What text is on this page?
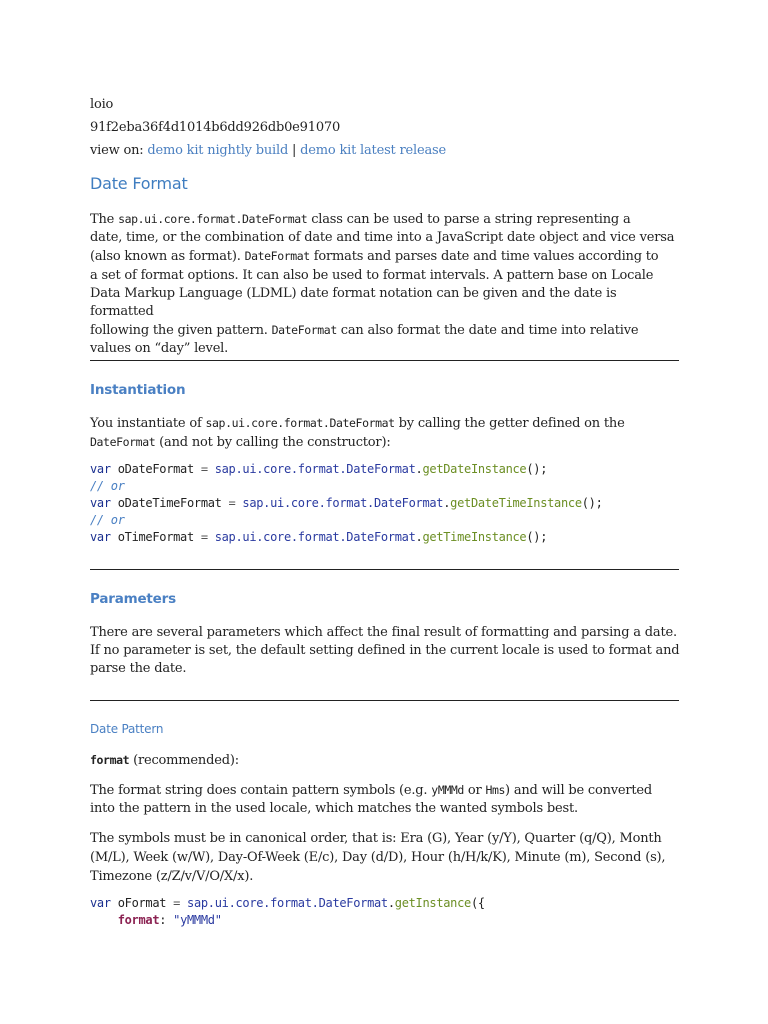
loio
91f2eba36f4d1014b6dd926db0e91070
view on: demo kit nightly build | demo kit latest release
Date Format
The sap.ui.core.format.DateFormat class can be used to parse a string representing a
date, time, or the combination of date and time into a JavaScript date object and vice versa
(also known as format). DateFormat formats and parses date and time values according to
a set of format options. It can also be used to format intervals. A pattern base on Locale
Data Markup Language (LDML) date format notation can be given and the date is formatted
following the given pattern. DateFormat can also format the date and time into relative
values on “day” level.
Instantiation
You instantiate of sap.ui.core.format.DateFormat by calling the getter defined on the
DateFormat (and not by calling the constructor):
var oDateFormat = sap.ui.core.format.DateFormat.getDateInstance();
// or
var oDateTimeFormat = sap.ui.core.format.DateFormat.getDateTimeInstance();
// or
var oTimeFormat = sap.ui.core.format.DateFormat.getTimeInstance();
Parameters
There are several parameters which affect the final result of formatting and parsing a date.
If no parameter is set, the default setting defined in the current locale is used to format and
parse the date.
Date Pattern
format (recommended):
The format string does contain pattern symbols (e.g. yMMMd or Hms) and will be converted
into the pattern in the used locale, which matches the wanted symbols best.
The symbols must be in canonical order, that is: Era (G), Year (y/Y), Quarter (q/Q), Month
(M/L), Week (w/W), Day-Of-Week (E/c), Day (d/D), Hour (h/H/k/K), Minute (m), Second (s),
Timezone (z/Z/v/V/O/X/x).
var oFormat = sap.ui.core.format.DateFormat.getInstance({
format: "yMMMd"
